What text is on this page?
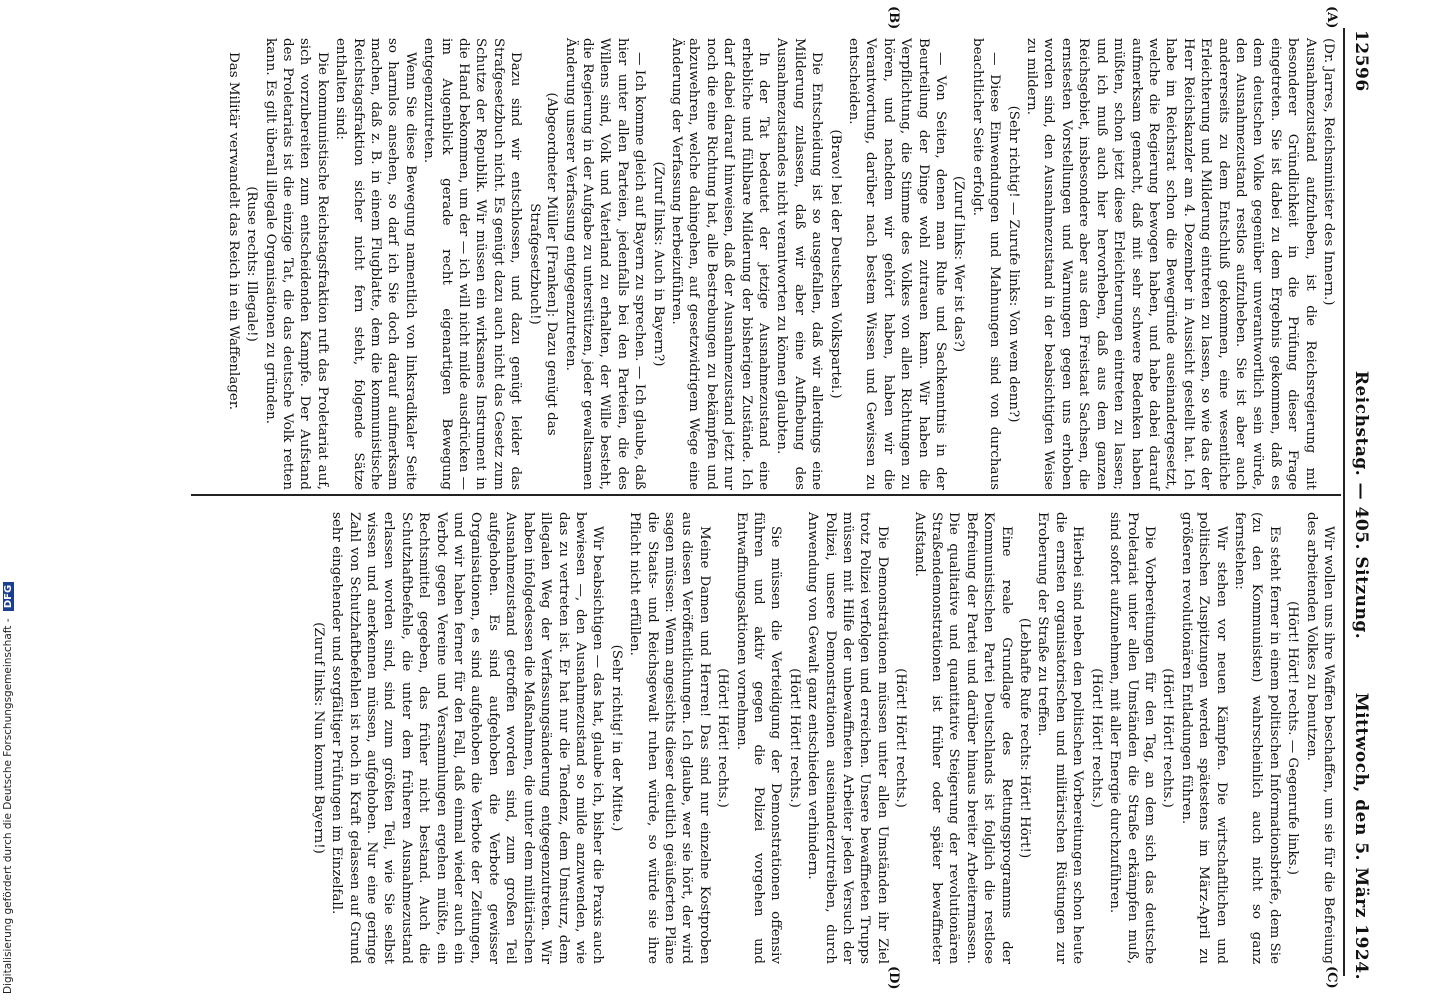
12596
Reichstag. — 405. Sitzung.
Mittwoch, den 5. März 1924.
(A)
(B)
(C)
(D)

(Dr. Jarres, Reichsminister des Innern.)

Ausnahmezustand aufzuheben, ist die Reichsregierung mit besonderer Gründlichkeit in die Prüfung dieser Frage eingetreten. Sie ist dabei zu dem Ergebnis gekommen, daß es dem deutschen Volke gegenüber unverantwortlich sein würde, den Ausnahmezustand restlos aufzuheben. Sie ist aber auch andererseits zu dem Entschluß gekommen, eine wesentliche Erleichterung und Milderung eintreten zu lassen, so wie das der Herr Reichskanzler am 4. Dezember in Aussicht gestellt hat. Ich habe im Reichsrat schon die Bewegründe auseinandergesetzt, welche die Regierung bewogen haben, und habe dabei darauf aufmerksam gemacht, daß mit sehr schwere Bedenken haben müßten, schon jetzt diese Erleichterungen eintreten zu lassen; und ich muß auch hier hervorheben, daß aus dem ganzen Reichsgebiet, insbesondere aber aus dem Freistaat Sachsen, die ernstesten Vorstellungen und Warnungen gegen uns erhoben worden sind, den Ausnahmezustand in der beabsichtigten Weise zu mildern.

(Sehr richtig! — Zurufe links: Von wem denn?)

— Diese Einwendungen und Mahnungen sind von durchaus beachtlicher Seite erfolgt.

(Zuruf links: Wer ist das?)

— Von Seiten, denen man Ruhe und Sachkenntnis in der Beurteilung der Dinge wohl zutrauen kann. Wir haben die Verpflichtung, die Stimme des Volkes von allen Richtungen zu hören, und nachdem wir gehört haben, haben wir die Verantwortung, darüber nach bestem Wissen und Gewissen zu entscheiden.

(Bravo! bei der Deutschen Volkspartei.)

Die Entscheidung ist so ausgefallen, daß wir allerdings eine Milderung zulassen, daß wir aber eine Aufhebung des Ausnahmezustandes nicht verantworten zu können glaubten.

In der Tat bedeutet der jetzige Ausnahmezustand eine erhebliche und fühlbare Milderung der bisherigen Zustände. Ich darf dabei darauf hinweisen, daß der Ausnahmezustand jetzt nur noch die eine Richtung hat, alle Bestrebungen zu bekämpfen und abzuwehren, welche dahingehen, auf gesetzwidrigem Wege eine Änderung der Verfassung herbeizuführen.

(Zuruf links: Auch in Bayern?)

— Ich komme gleich auf Bayern zu sprechen. — Ich glaube, daß hier unter allen Parteien, jedenfalls bei den Parteien, die des Willens sind, Volk und Vaterland zu erhalten, der Wille besteht, die Regierung in der Aufgabe zu unterstützen, jeder gewaltsamen Änderung unserer Verfassung entgegenzutreten.

(Abgeordneter Müller [Franken]: Dazu genügt das Strafgesetzbuch!)

Dazu sind wir entschlossen, und dazu genügt leider das Strafgesetzbuch nicht. Es genügt dazu auch nicht das Gesetz zum Schutze der Republik. Wir müssen ein wirksames Instrument in die Hand bekommen, um der — ich will nicht milde ausdrücken — im Augenblick gerade recht eigenartigen Bewegung entgegenzutreten.

Wenn Sie diese Bewegung namentlich von linksradikaler Seite so harmlos ansehen, so darf ich Sie doch darauf aufmerksam machen, daß z. B. in einem Flugblatte, dem die kommunistische Reichstagsfraktion sicher nicht fern steht, folgende Sätze enthalten sind:

Die kommunistische Reichstagsfraktion ruft das Proletariat auf, sich vorzubereiten zum entscheidenden Kampfe. Der Aufstand des Proletariats ist die einzige Tat, die das deutsche Volk retten kann. Es gilt überall illegale Organisationen zu gründen.

(Ruse rechts: Illegale!)

Das Militär verwandelt das Reich in ein Waffenlager.

Wir wollen uns ihre Waffen beschaffen, um sie für die Befreiung des arbeitenden Volkes zu benutzen.

(Hört! Hört! rechts. — Gegenrufe links.)

Es steht ferner in einem politischen Informationsbriefe, dem Sie (zu den Kommunisten) wahrscheinlich auch nicht so ganz fernstehen:

Wir stehen vor neuen Kämpfen. Die wirtschaftlichen und politischen Zuspitzungen werden spätestens im März-April zu größeren revolutionären Entladungen führen.

(Hört! Hört! rechts.)

Die Vorbereitungen für den Tag, an dem sich das deutsche Proletariat unter allen Umständen die Straße erkämpfen muß, sind sofort aufzunehmen, mit aller Energie durchzuführen.

(Hört! Hört! rechts.)

Hierbei sind neben den politischen Vorbereitungen schon heute die ernsten organisatorischen und militärischen Rüstungen zur Eroberung der Straße zu treffen.

(Lebhafte Rufe rechts: Hört! Hört!)

Eine reale Grundlage des Rettungsprogramms der Kommunistischen Partei Deutschlands ist folglich die restlose Befreiung der Partei und darüber hinaus breiter Arbeitermassen. Die qualitative und quantitative Steigerung der revolutionären Straßendemonstrationen ist früher oder später bewaffneter Aufstand.

(Hört! Hört! rechts.)

Die Demonstrationen müssen unter allen Umständen ihr Ziel trotz Polizei verfolgen und erreichen. Unsere bewaffneten Trupps müssen mit Hilfe der unbewaffneten Arbeiter jeden Versuch der Polizei, unsere Demonstrationen auseinanderzutreiben, durch Anwendung von Gewalt ganz entschieden verhindern.

(Hört! Hört! rechts.)

Sie müssen die Verteidigung der Demonstrationen offensiv führen und aktiv gegen die Polizei vorgehen und Entwaffnungsaktionen vornehmen.

(Hört! Hört! rechts.)

Meine Damen und Herren! Das sind nur einzelne Kostproben aus diesen Veröffentlichungen. Ich glaube, wer sie hört, der wird sagen müssen: Wenn angesichts dieser deutlich geäußerten Pläne die Staats- und Reichsgewalt ruhen würde, so würde sie ihre Pflicht nicht erfüllen.

(Sehr richtig! in der Mitte.)

Wir beabsichtigen — das hat, glaube ich, bisher die Praxis auch bewiesen —, den Ausnahmezustand so milde anzuwenden, wie das zu vertreten ist. Er hat nur die Tendenz, dem Umsturz, dem illegalen Weg der Verfassungsänderung entgegenzutreten. Wir haben infolgedessen die Maßnahmen, die unter dem militärischen Ausnahmezustand getroffen worden sind, zum großen Teil aufgehoben. Es sind aufgehoben die Verbote gewisser Organisationen, es sind aufgehoben die Verbote der Zeitungen, und wir haben ferner für den Fall, daß einmal wieder auch ein Verbot gegen Vereine und Versammlungen ergehen müßte, ein Rechtsmittel gegeben, das früher nicht bestand. Auch die Schutzhaftbefehle, die unter dem früheren Ausnahmezustand erlassen worden sind, sind zum größten Teil, wie Sie selbst wissen und anerkennen müssen, aufgehoben. Nur eine geringe Zahl von Schutzhaftbefehlen ist noch in Kraft gelassen auf Grund sehr eingehender und sorgfältiger Prüfungen im Einzelfall.

(Zuruf links: Nun kommt Bayern!)

Digitalisierung gefördert durch die Deutsche Forschungsgemeinschaft - DFG
